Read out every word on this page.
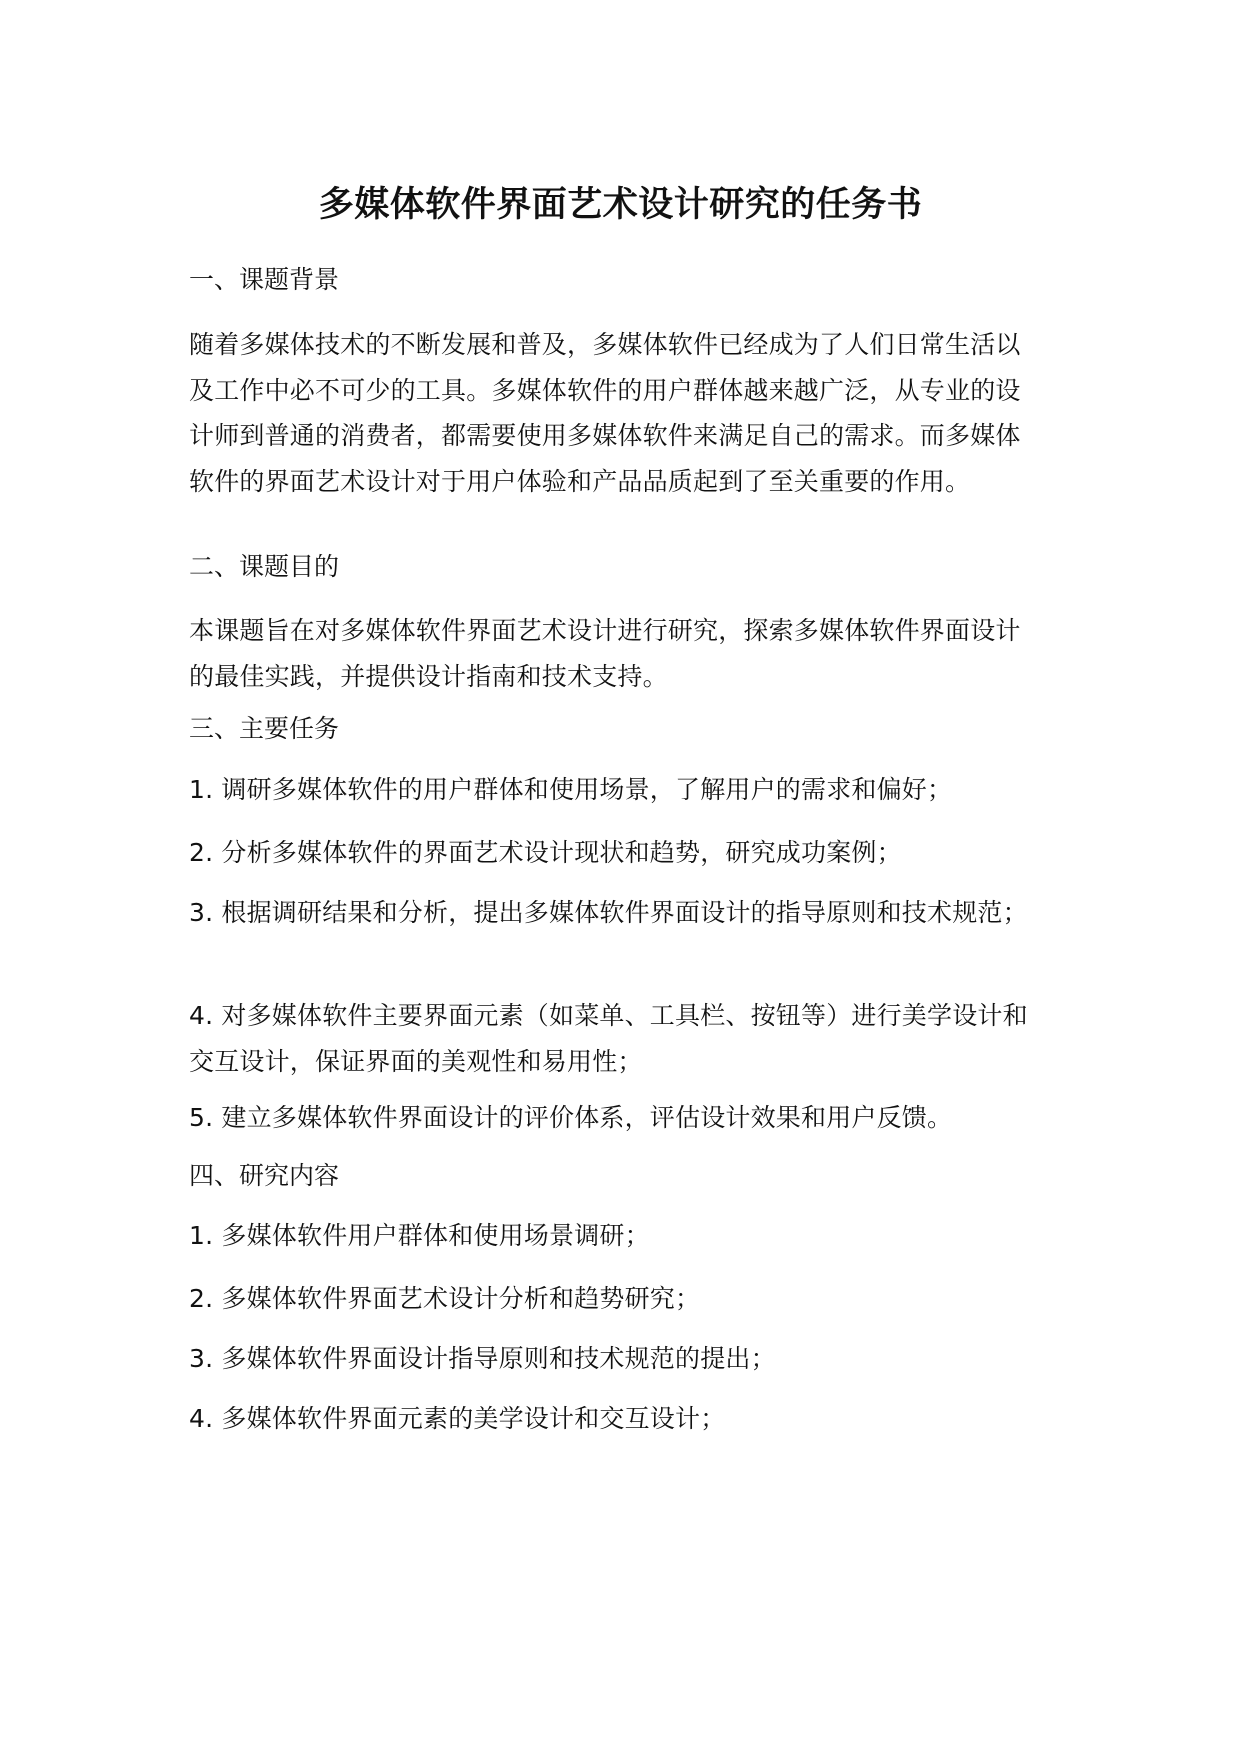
多媒体软件界面艺术设计研究的任务书
一、课题背景
随着多媒体技术的不断发展和普及，多媒体软件已经成为了人们日常生活以及工作中必不可少的工具。多媒体软件的用户群体越来越广泛，从专业的设计师到普通的消费者，都需要使用多媒体软件来满足自己的需求。而多媒体软件的界面艺术设计对于用户体验和产品品质起到了至关重要的作用。
二、课题目的
本课题旨在对多媒体软件界面艺术设计进行研究，探索多媒体软件界面设计的最佳实践，并提供设计指南和技术支持。
三、主要任务
1. 调研多媒体软件的用户群体和使用场景，了解用户的需求和偏好；
2. 分析多媒体软件的界面艺术设计现状和趋势，研究成功案例；
3. 根据调研结果和分析，提出多媒体软件界面设计的指导原则和技术规范；
4. 对多媒体软件主要界面元素（如菜单、工具栏、按钮等）进行美学设计和交互设计，保证界面的美观性和易用性；
5. 建立多媒体软件界面设计的评价体系，评估设计效果和用户反馈。
四、研究内容
1. 多媒体软件用户群体和使用场景调研；
2. 多媒体软件界面艺术设计分析和趋势研究；
3. 多媒体软件界面设计指导原则和技术规范的提出；
4. 多媒体软件界面元素的美学设计和交互设计；
